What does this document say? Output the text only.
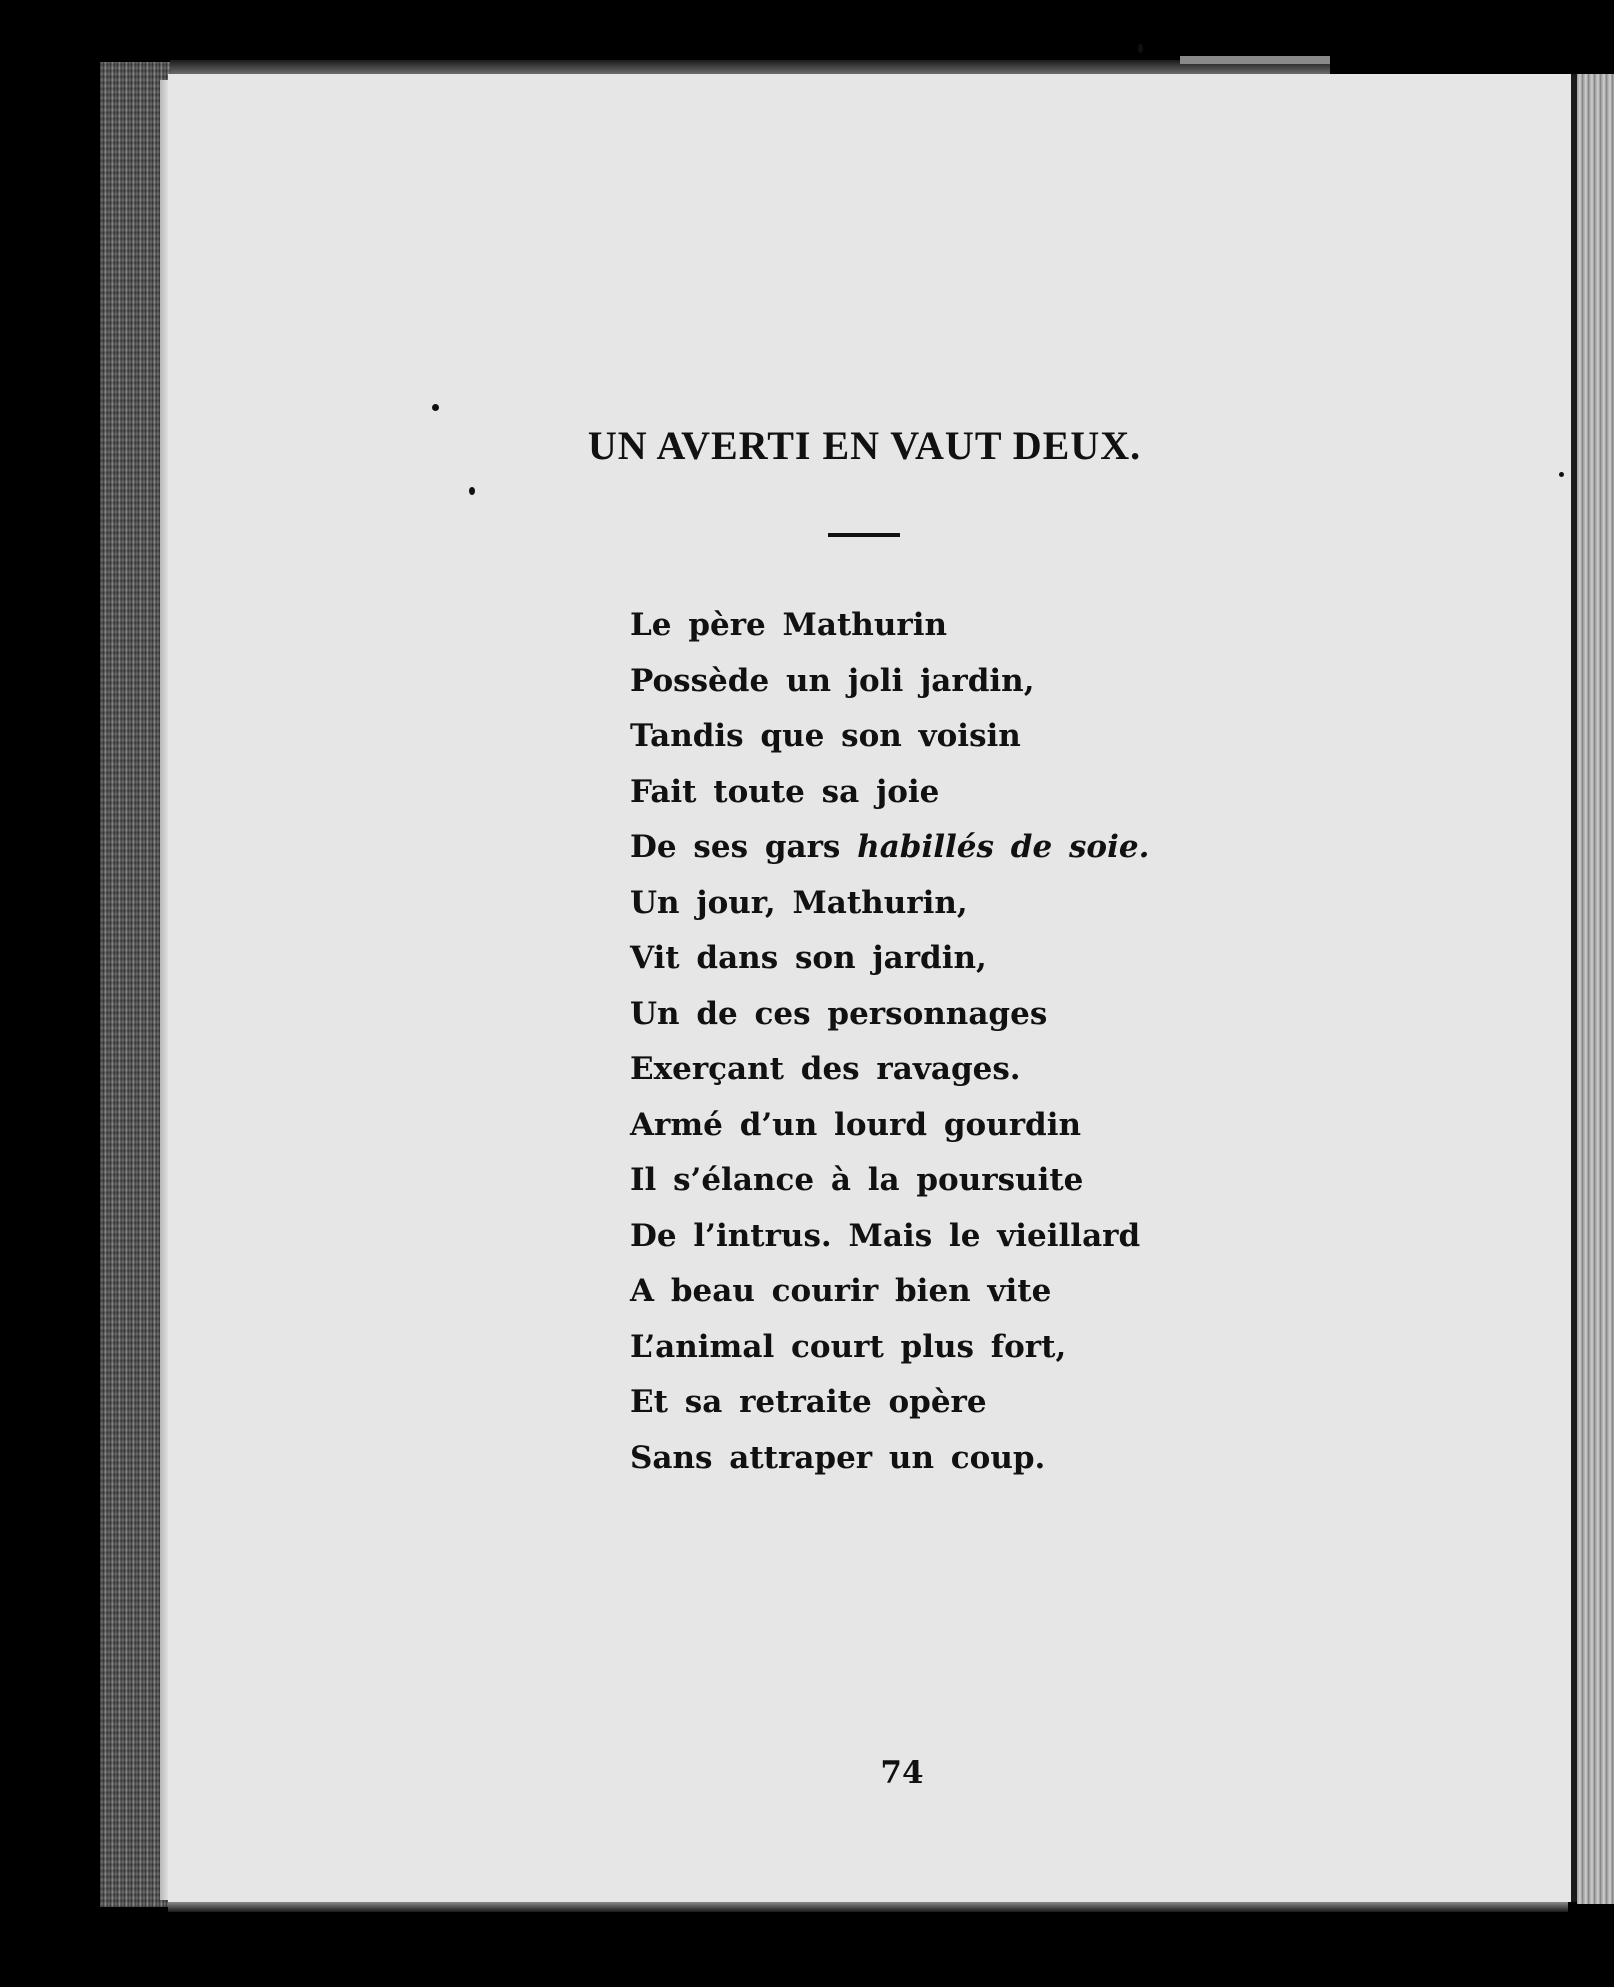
UN AVERTI EN VAUT DEUX.
Le père Mathurin
Possède un joli jardin,
Tandis que son voisin
Fait toute sa joie
De ses gars habillés de soie.
Un jour, Mathurin,
Vit dans son jardin,
Un de ces personnages
Exerçant des ravages.
Armé d’un lourd gourdin
Il s’élance à la poursuite
De l’intrus. Mais le vieillard
A beau courir bien vite
L’animal court plus fort,
Et sa retraite opère
Sans attraper un coup.
74
